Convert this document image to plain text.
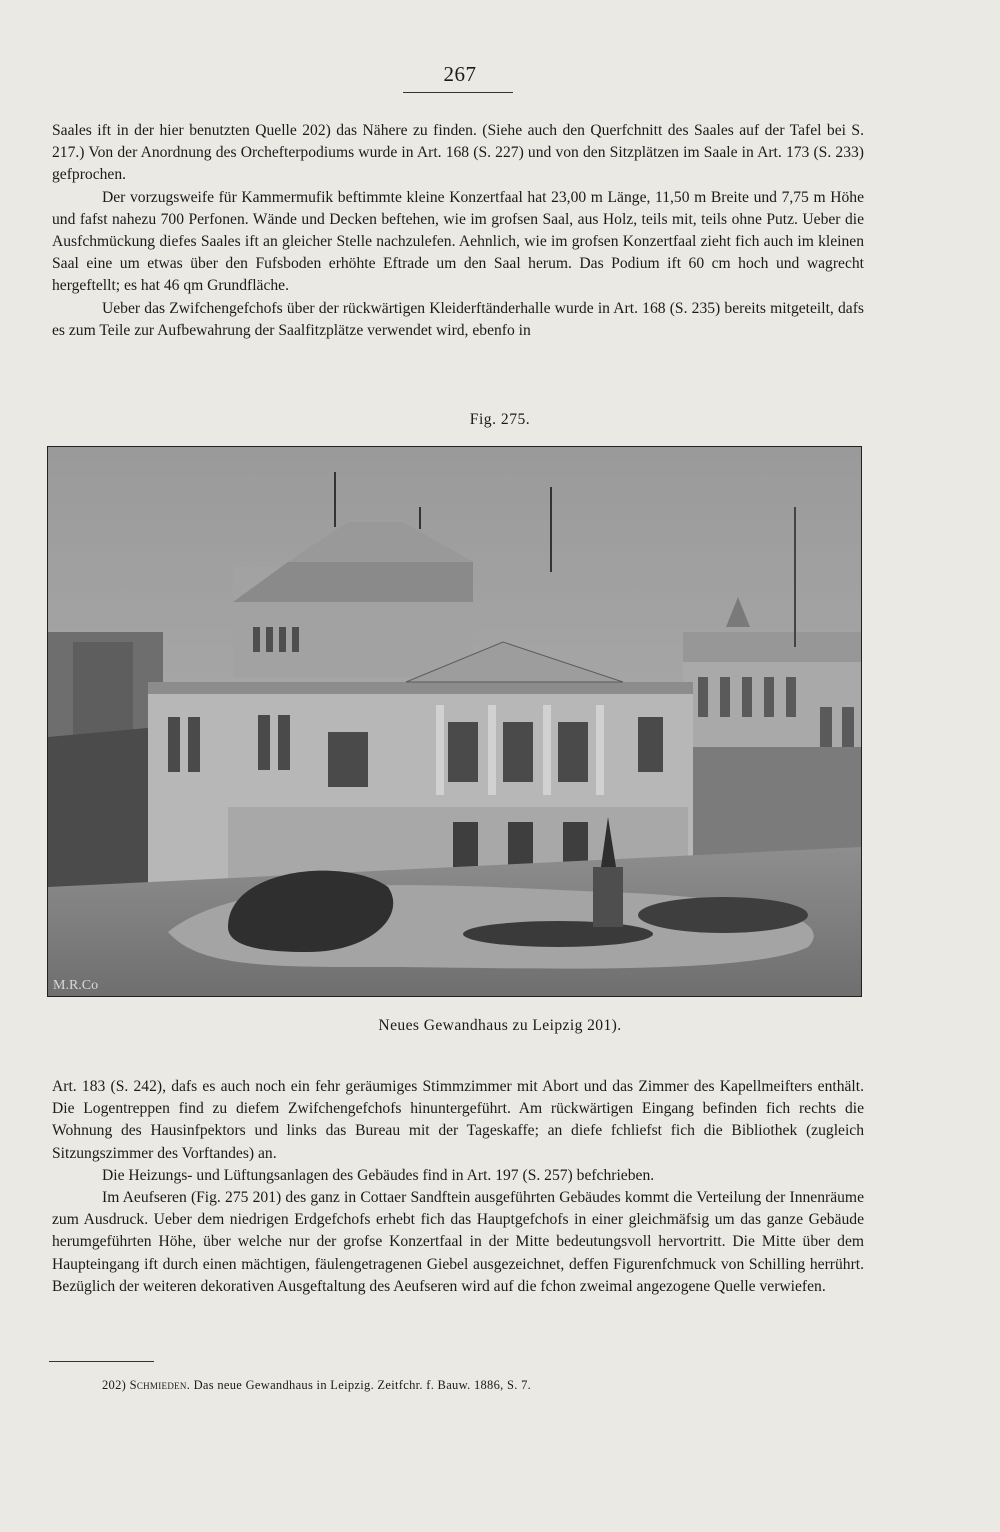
267

Saales ift in der hier benutzten Quelle 202) das Nähere zu finden. (Siehe auch den Querfchnitt des Saales auf der Tafel bei S. 217.) Von der Anordnung des Orchefterpodiums wurde in Art. 168 (S. 227) und von den Sitzplätzen im Saale in Art. 173 (S. 233) gefprochen.

Der vorzugsweife für Kammermufik beftimmte kleine Konzertfaal hat 23,00 m Länge, 11,50 m Breite und 7,75 m Höhe und fafst nahezu 700 Perfonen. Wände und Decken beftehen, wie im grofsen Saal, aus Holz, teils mit, teils ohne Putz. Ueber die Ausfchmückung diefes Saales ift an gleicher Stelle nachzulefen. Aehnlich, wie im grofsen Konzertfaal zieht fich auch im kleinen Saal eine um etwas über den Fufsboden erhöhte Eftrade um den Saal herum. Das Podium ift 60 cm hoch und wagrecht hergeftellt; es hat 46 qm Grundfläche.

Ueber das Zwifchengefchofs über der rückwärtigen Kleiderftänderhalle wurde in Art. 168 (S. 235) bereits mitgeteilt, dafs es zum Teile zur Aufbewahrung der Saalfitzplätze verwendet wird, ebenfo in

Fig. 275.
M.R.Co
Neues Gewandhaus zu Leipzig 201).

Art. 183 (S. 242), dafs es auch noch ein fehr geräumiges Stimmzimmer mit Abort und das Zimmer des Kapellmeifters enthält. Die Logentreppen find zu diefem Zwifchengefchofs hinuntergeführt. Am rückwärtigen Eingang befinden fich rechts die Wohnung des Hausinfpektors und links das Bureau mit der Tageskaffe; an diefe fchliefst fich die Bibliothek (zugleich Sitzungszimmer des Vorftandes) an.

Die Heizungs- und Lüftungsanlagen des Gebäudes find in Art. 197 (S. 257) befchrieben.

Im Aeufseren (Fig. 275 201) des ganz in Cottaer Sandftein ausgeführten Gebäudes kommt die Verteilung der Innenräume zum Ausdruck. Ueber dem niedrigen Erdgefchofs erhebt fich das Hauptgefchofs in einer gleichmäfsig um das ganze Gebäude herumgeführten Höhe, über welche nur der grofse Konzertfaal in der Mitte bedeutungsvoll hervortritt. Die Mitte über dem Haupteingang ift durch einen mächtigen, fäulengetragenen Giebel ausgezeichnet, deffen Figurenfchmuck von Schilling herrührt. Bezüglich der weiteren dekorativen Ausgeftaltung des Aeufseren wird auf die fchon zweimal angezogene Quelle verwiefen.

202) Schmieden. Das neue Gewandhaus in Leipzig. Zeitfchr. f. Bauw. 1886, S. 7.
